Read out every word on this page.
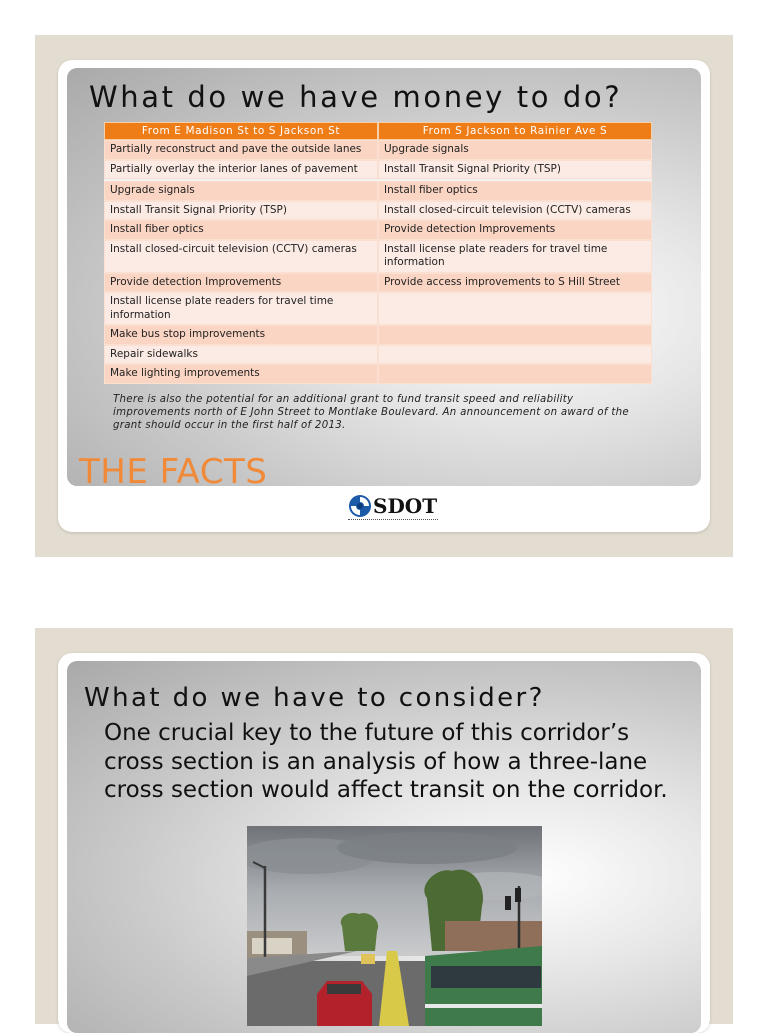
What do we have money to do?
From E Madison St to S Jackson St	From S Jackson to Rainier Ave S
Partially reconstruct and pave the outside lanes	Upgrade signals
Partially overlay the interior lanes of pavement	Install Transit Signal Priority (TSP)

Upgrade signals	Install fiber optics
Install Transit Signal Priority (TSP)	Install closed-circuit television (CCTV) cameras
Install fiber optics	Provide detection Improvements
Install closed-circuit television (CCTV) cameras	Install license plate readers for travel time information
Provide detection Improvements	Provide access improvements to S Hill Street
Install license plate readers for travel time information	
Make bus stop improvements	
Repair sidewalks	
Make lighting improvements	
There is also the potential for an additional grant to fund transit speed and reliability improvements north of E John Street to Montlake Boulevard. An announcement on award of the grant should occur in the first half of 2013.
THE FACTS
SDOT
What do we have to consider?
One crucial key to the future of this corridor’s
cross section is an analysis of how a three-lane
cross section would affect transit on the corridor.
